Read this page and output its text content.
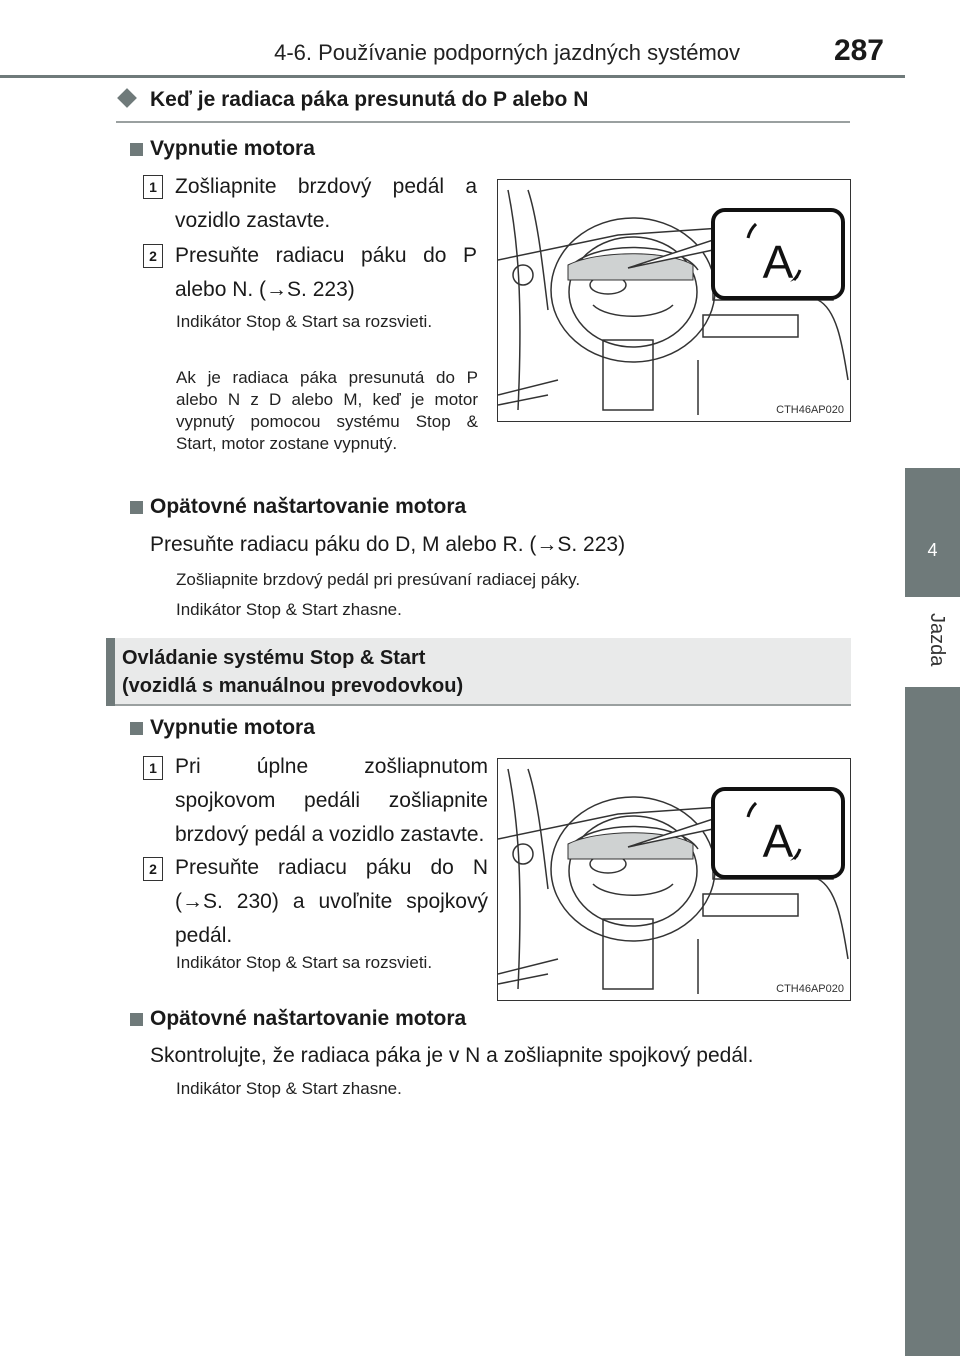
4-6. Používanie podporných jazdných systémov	287
4
Jazda
Keď je radiaca páka presunutá do P alebo N
Vypnutie motora
1 Zošliapnite brzdový pedál a vozidlo zastavte.
2 Presuňte radiacu páku do P alebo N. (→S. 223)
Indikátor Stop & Start sa rozsvieti.
Ak je radiaca páka presunutá do P alebo N z D alebo M, keď je motor vypnutý pomocou systému Stop & Start, motor zostane vypnutý.
A
CTH46AP020
Opätovné naštartovanie motora
Presuňte radiacu páku do D, M alebo R. (→S. 223)
Zošliapnite brzdový pedál pri presúvaní radiacej páky.
Indikátor Stop & Start zhasne.
Ovládanie systému Stop & Start
(vozidlá s manuálnou prevodovkou)
Vypnutie motora
1 Pri úplne zošliapnutom spojkovom pedáli zošliapnite brzdový pedál a vozidlo zastavte.
2 Presuňte radiacu páku do N (→S. 230) a uvoľnite spojkový pedál.
Indikátor Stop & Start sa rozsvieti.
A
CTH46AP020
Opätovné naštartovanie motora
Skontrolujte, že radiaca páka je v N a zošliapnite spojkový pedál.
Indikátor Stop & Start zhasne.
